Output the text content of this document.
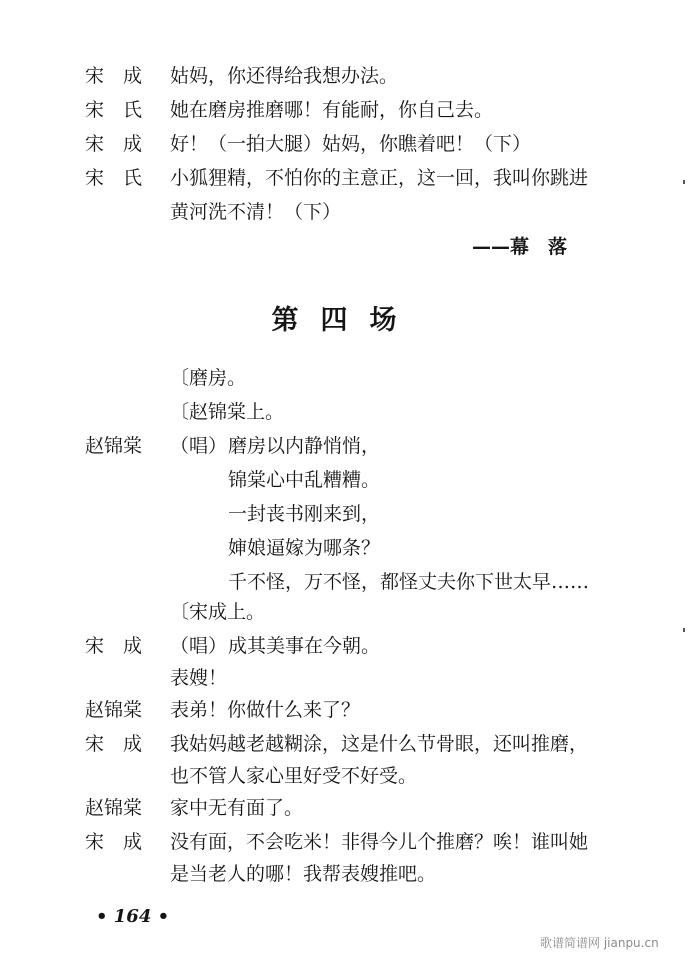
宋　成 姑妈，你还得给我想办法。
宋　氏 她在磨房推磨哪！有能耐，你自己去。
宋　成 好！（一拍大腿）姑妈，你瞧着吧！（下）
宋　氏 小狐狸精，不怕你的主意正，这一回，我叫你跳进
黄河洗不清！（下）
——幕　落
第四场
〔磨房。
〔赵锦棠上。
赵锦棠 （唱） 磨房以内静悄悄，
锦棠心中乱糟糟。
一封丧书刚来到，
婶娘逼嫁为哪条？
千不怪，万不怪，都怪丈夫你下世太早……
〔宋成上。
宋　成 （唱） 成其美事在今朝。
表嫂！
赵锦棠 表弟！你做什么来了？
宋　成 我姑妈越老越糊涂，这是什么节骨眼，还叫推磨，
也不管人家心里好受不好受。
赵锦棠 家中无有面了。
宋　成 没有面，不会吃米！非得今儿个推磨？唉！谁叫她
是当老人的哪！我帮表嫂推吧。
• 164 •
歌谱简谱网 jianpu.cn
